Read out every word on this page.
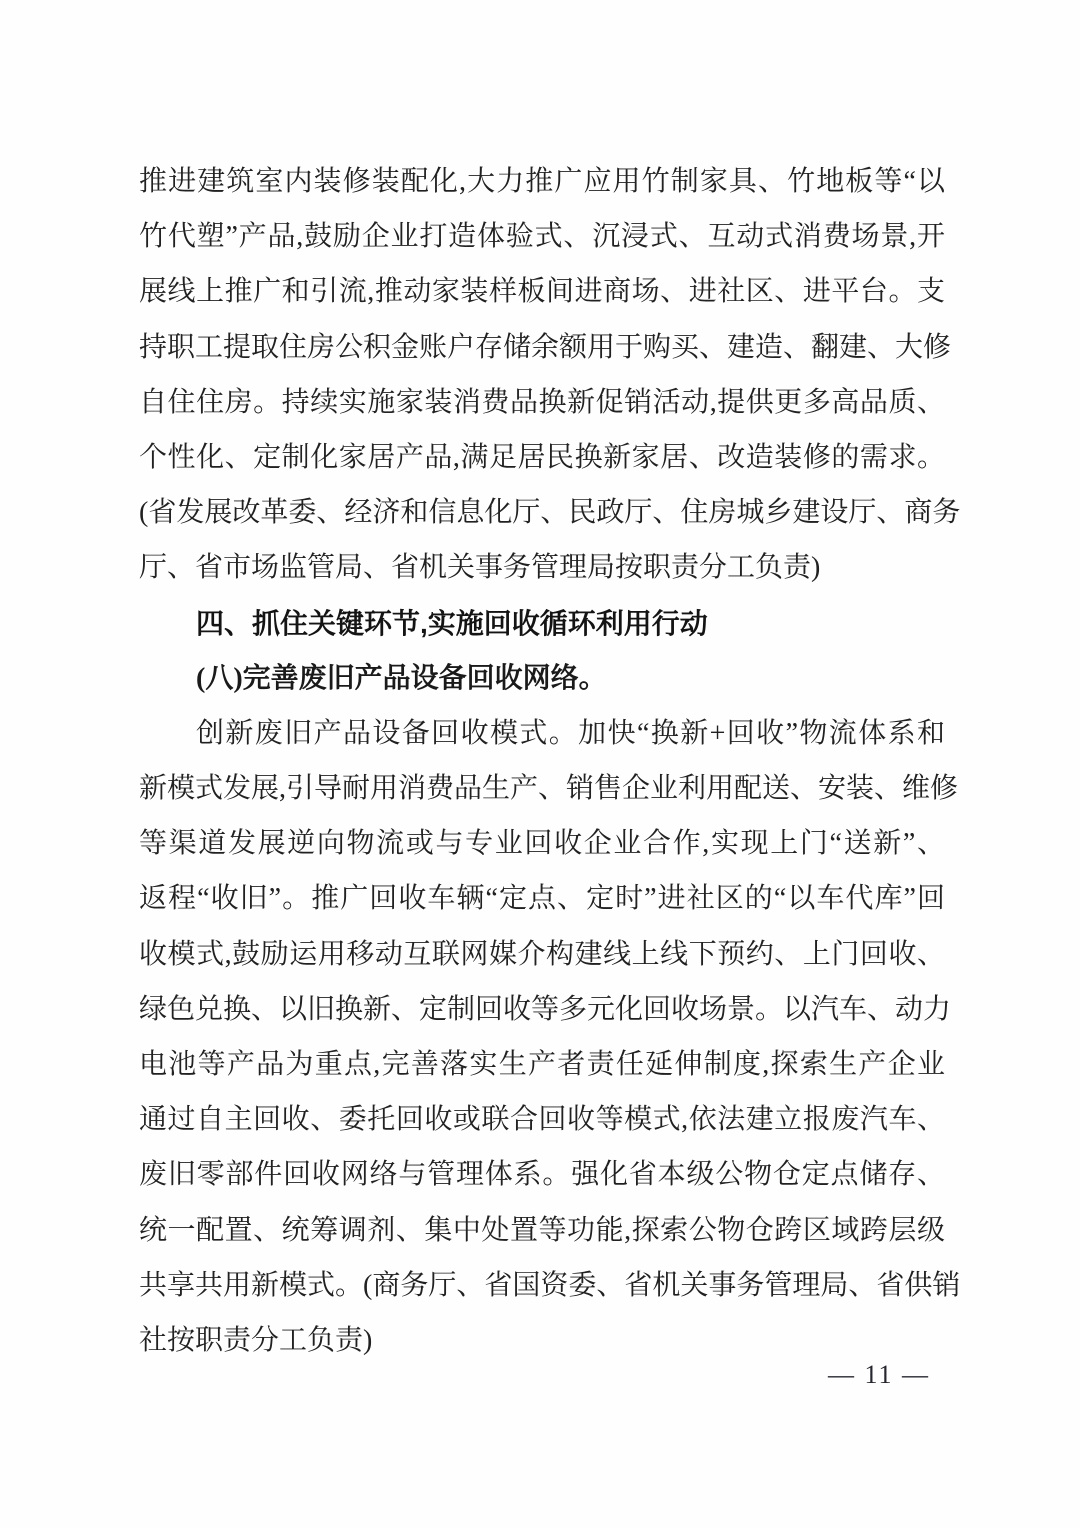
推进建筑室内装修装配化,大力推广应用竹制家具、竹地板等“以
竹代塑”产品,鼓励企业打造体验式、沉浸式、互动式消费场景,开
展线上推广和引流,推动家装样板间进商场、进社区、进平台。支
持职工提取住房公积金账户存储余额用于购买、建造、翻建、大修
自住住房。持续实施家装消费品换新促销活动,提供更多高品质、
个性化、定制化家居产品,满足居民换新家居、改造装修的需求。
(省发展改革委、经济和信息化厅、民政厅、住房城乡建设厅、商务
厅、省市场监管局、省机关事务管理局按职责分工负责)
四、抓住关键环节,实施回收循环利用行动
(八)完善废旧产品设备回收网络。
创新废旧产品设备回收模式。加快“换新+回收”物流体系和
新模式发展,引导耐用消费品生产、销售企业利用配送、安装、维修
等渠道发展逆向物流或与专业回收企业合作,实现上门“送新”、
返程“收旧”。推广回收车辆“定点、定时”进社区的“以车代库”回
收模式,鼓励运用移动互联网媒介构建线上线下预约、上门回收、
绿色兑换、以旧换新、定制回收等多元化回收场景。以汽车、动力
电池等产品为重点,完善落实生产者责任延伸制度,探索生产企业
通过自主回收、委托回收或联合回收等模式,依法建立报废汽车、
废旧零部件回收网络与管理体系。强化省本级公物仓定点储存、
统一配置、统筹调剂、集中处置等功能,探索公物仓跨区域跨层级
共享共用新模式。(商务厅、省国资委、省机关事务管理局、省供销
社按职责分工负责)
— 11 —
